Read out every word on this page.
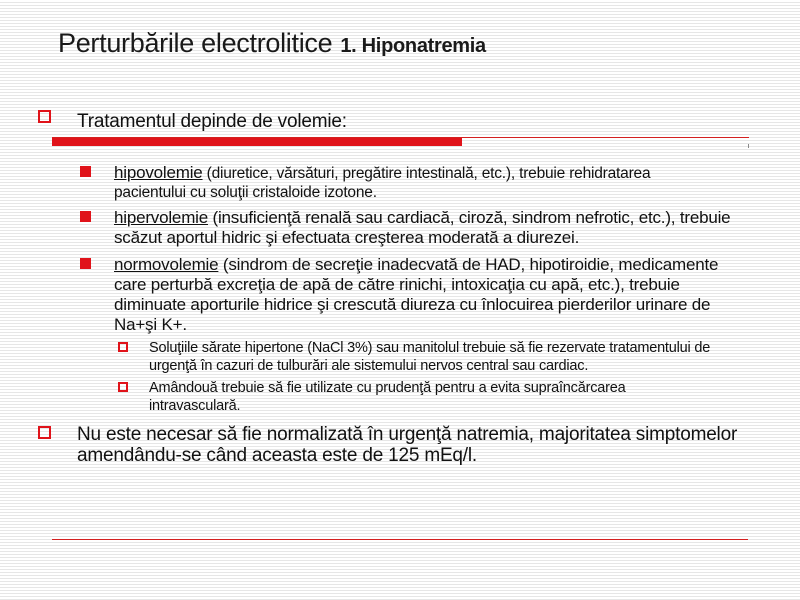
Perturbările electrolitice 1. Hiponatremia
Tratamentul depinde de volemie:
hipovolemie (diuretice, vărsături, pregătire intestinală, etc.), trebuie rehidratarea
pacientului cu soluţii cristaloide izotone.
hipervolemie (insuficienţă renală sau cardiacă, ciroză, sindrom nefrotic, etc.), trebuie
scăzut aportul hidric şi efectuata creşterea moderată a diurezei.
normovolemie (sindrom de secreţie inadecvată de HAD, hipotiroidie, medicamente
care perturbă excreţia de apă de către rinichi, intoxicaţia cu apă, etc.), trebuie
diminuate aporturile hidrice şi crescută diureza cu înlocuirea pierderilor urinare de
Na+şi K+.
Soluţiile sărate hipertone (NaCl 3%) sau manitolul trebuie să fie rezervate tratamentului de
urgenţă în cazuri de tulburări ale sistemului nervos central sau cardiac.
Amândouă trebuie să fie utilizate cu prudenţă pentru a evita supraîncărcarea
intravasculară.
Nu este necesar să fie normalizată în urgenţă natremia, majoritatea simptomelor
amendându-se când aceasta este de 125 mEq/l.
